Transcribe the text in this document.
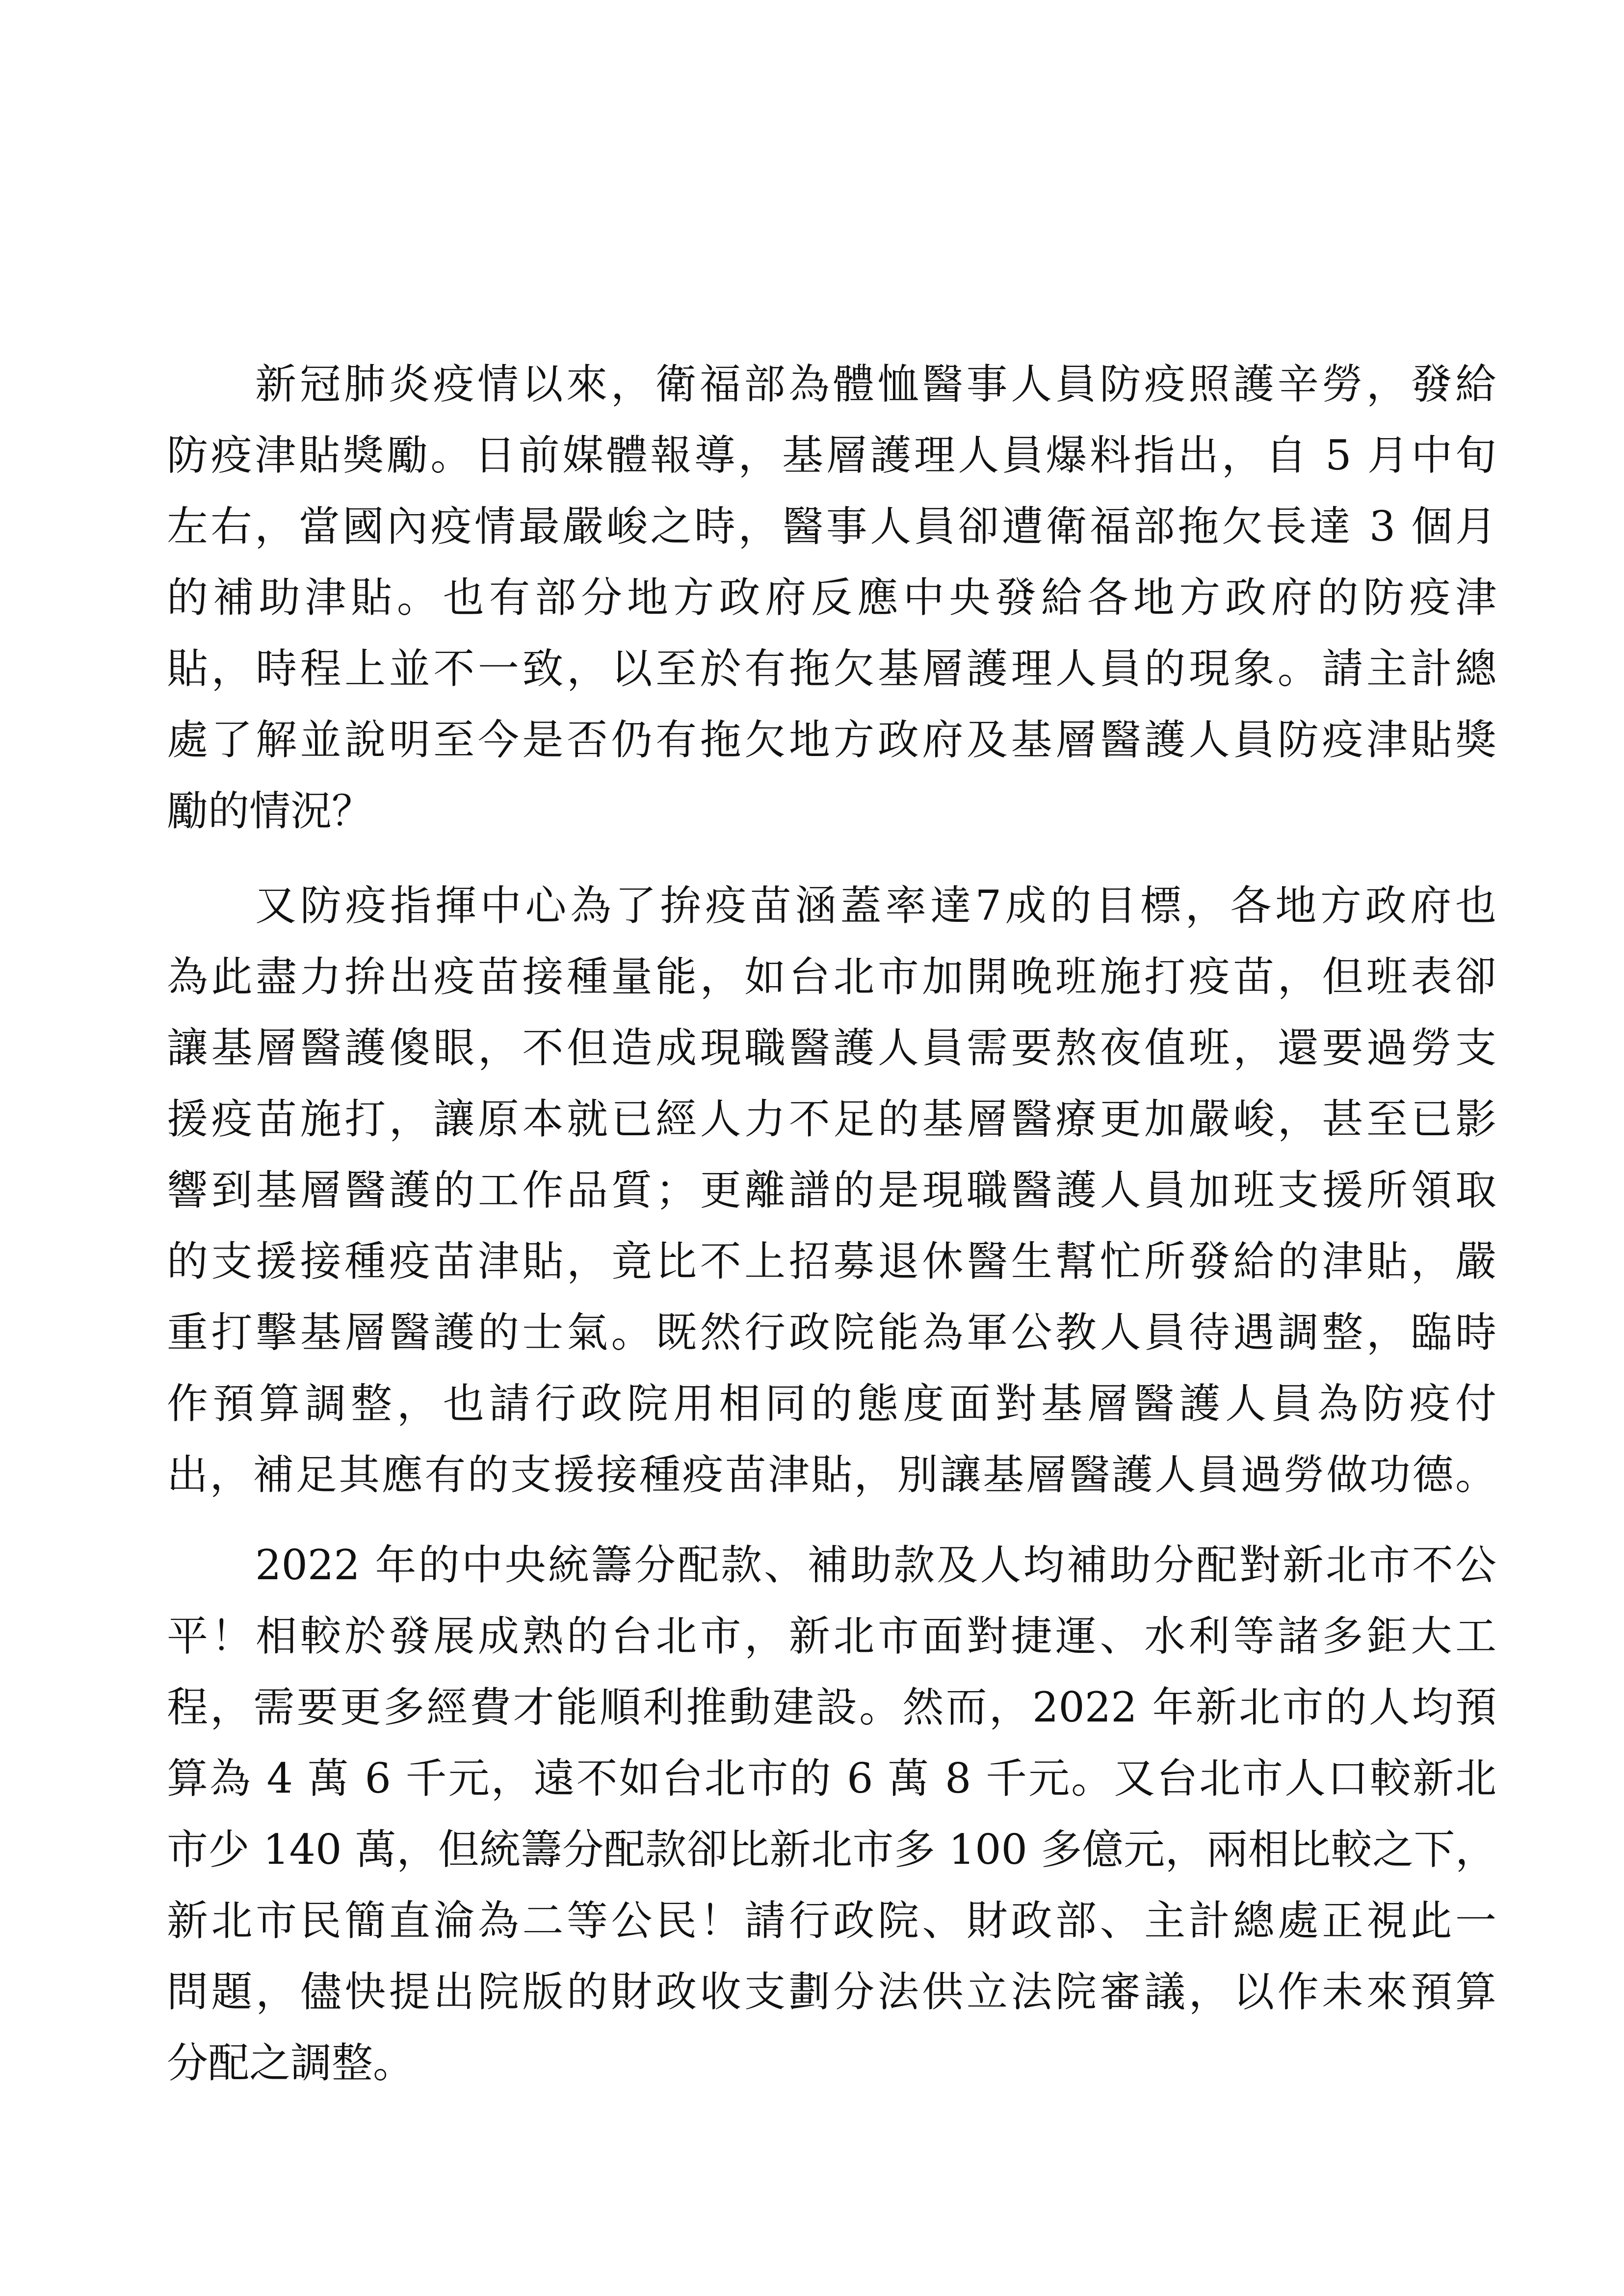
新冠肺炎疫情以來，衛福部為體恤醫事人員防疫照護辛勞，發給
防疫津貼獎勵。日前媒體報導，基層護理人員爆料指出，自 5 月中旬
左右，當國內疫情最嚴峻之時，醫事人員卻遭衛福部拖欠長達 3 個月
的補助津貼。也有部分地方政府反應中央發給各地方政府的防疫津
貼，時程上並不一致，以至於有拖欠基層護理人員的現象。請主計總
處了解並說明至今是否仍有拖欠地方政府及基層醫護人員防疫津貼獎
勵的情況？
又防疫指揮中心為了拚疫苗涵蓋率達7成的目標，各地方政府也
為此盡力拚出疫苗接種量能，如台北市加開晚班施打疫苗，但班表卻
讓基層醫護傻眼，不但造成現職醫護人員需要熬夜值班，還要過勞支
援疫苗施打，讓原本就已經人力不足的基層醫療更加嚴峻，甚至已影
響到基層醫護的工作品質；更離譜的是現職醫護人員加班支援所領取
的支援接種疫苗津貼，竟比不上招募退休醫生幫忙所發給的津貼，嚴
重打擊基層醫護的士氣。既然行政院能為軍公教人員待遇調整，臨時
作預算調整，也請行政院用相同的態度面對基層醫護人員為防疫付
出，補足其應有的支援接種疫苗津貼，別讓基層醫護人員過勞做功德。
2022 年的中央統籌分配款、補助款及人均補助分配對新北市不公
平！相較於發展成熟的台北市，新北市面對捷運、水利等諸多鉅大工
程，需要更多經費才能順利推動建設。然而，2022 年新北市的人均預
算為 4 萬 6 千元，遠不如台北市的 6 萬 8 千元。又台北市人口較新北
市少 140 萬，但統籌分配款卻比新北市多 100 多億元，兩相比較之下，
新北市民簡直淪為二等公民！請行政院、財政部、主計總處正視此一
問題，儘快提出院版的財政收支劃分法供立法院審議，以作未來預算
分配之調整。
